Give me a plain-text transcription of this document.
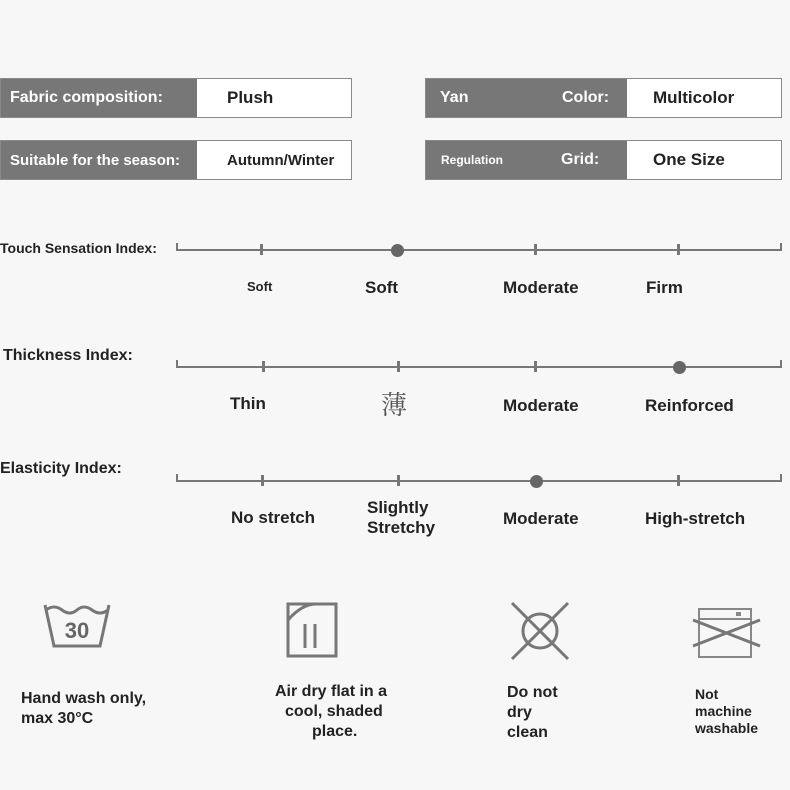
Fabric composition:	Plush	Yan	Color:	Multicolor
Suitable for the season:	Autumn/Winter	Regulation	Grid:	One Size
Touch Sensation Index:
Soft	Soft	Moderate	Firm
Thickness Index:
Thin	薄	Moderate	Reinforced
Elasticity Index:
No stretch
Slightly
Stretchy	Moderate	High-stretch
30
Hand wash only,
max 30°C
Air dry flat in a
cool, shaded
place.
Do not
dry
clean
Not
machine
washable
